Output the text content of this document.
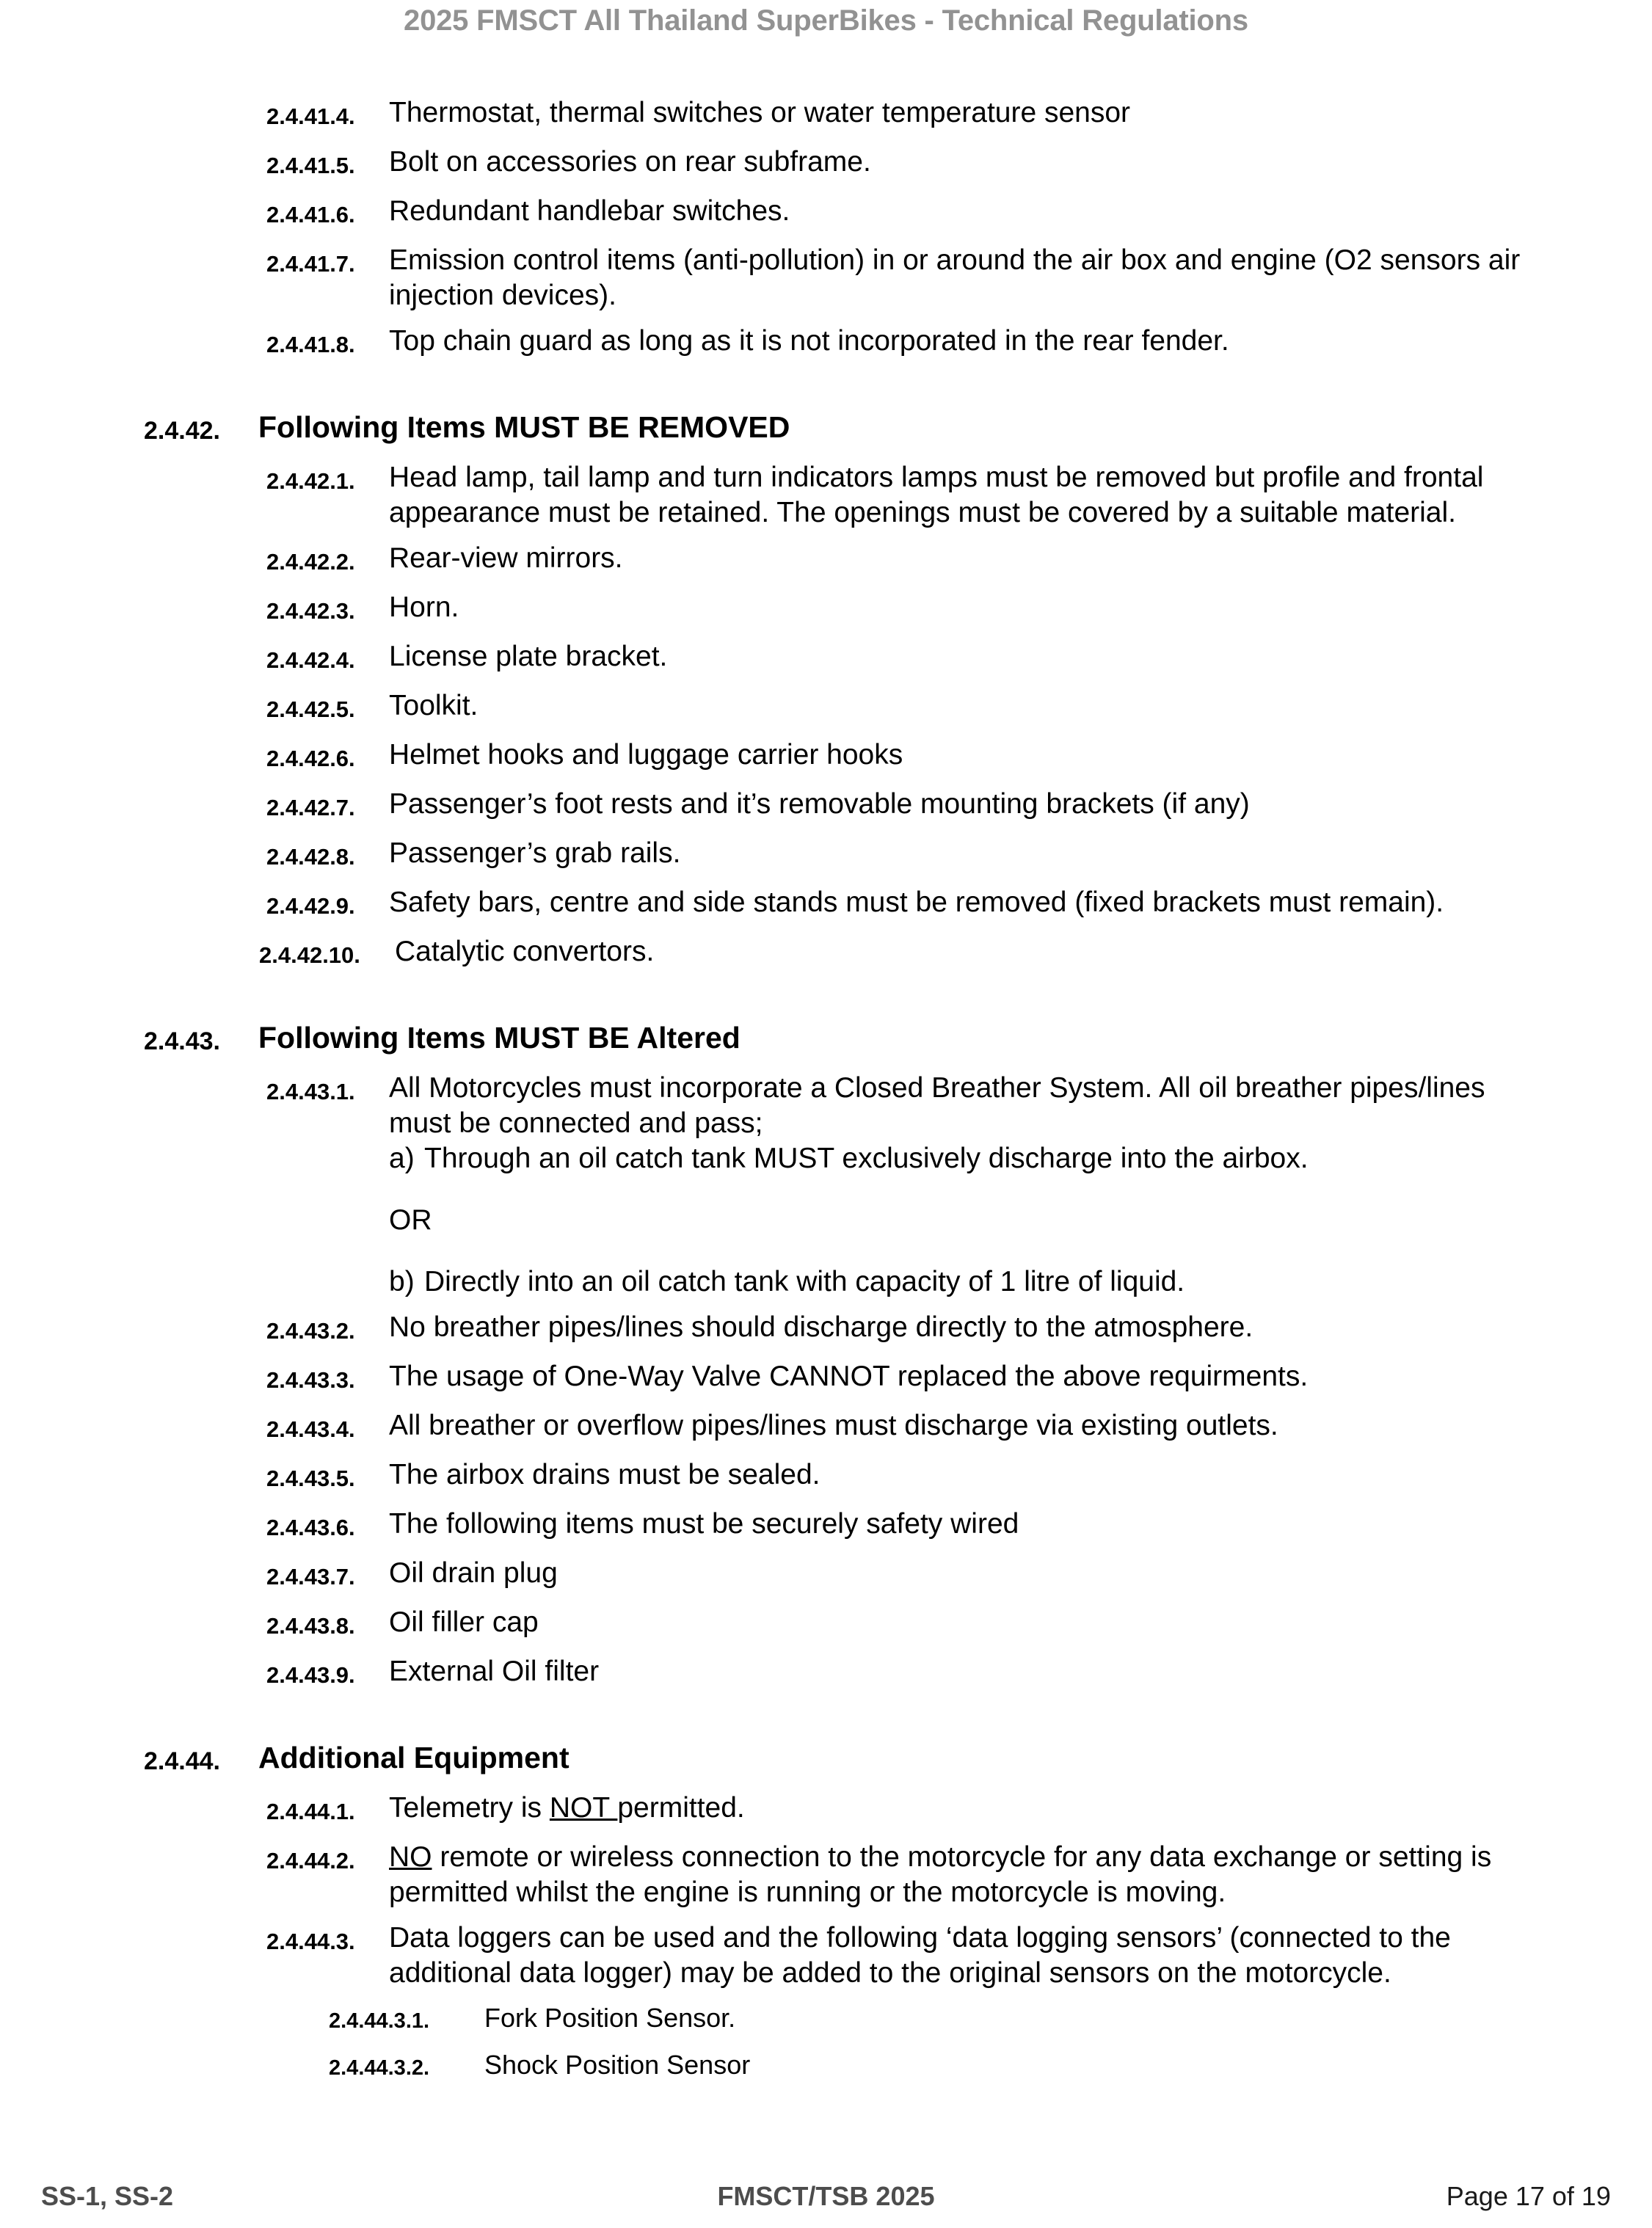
2025 FMSCT All Thailand SuperBikes - Technical Regulations
2.4.41.4.	Thermostat, thermal switches or water temperature sensor
2.4.41.5.	Bolt on accessories on rear subframe.
2.4.41.6.	Redundant handlebar switches.
2.4.41.7.	Emission control items (anti-pollution) in or around the air box and engine (O2 sensors air injection devices).
2.4.41.8.	Top chain guard as long as it is not incorporated in the rear fender.
2.4.42.	Following Items MUST BE REMOVED
2.4.42.1.	Head lamp, tail lamp and turn indicators lamps must be removed but profile and frontal appearance must be retained. The openings must be covered by a suitable material.
2.4.42.2.	Rear-view mirrors.
2.4.42.3.	Horn.
2.4.42.4.	License plate bracket.
2.4.42.5.	Toolkit.
2.4.42.6.	Helmet hooks and luggage carrier hooks
2.4.42.7.	Passenger’s foot rests and it’s removable mounting brackets (if any)
2.4.42.8.	Passenger’s grab rails.
2.4.42.9.	Safety bars, centre and side stands must be removed (fixed brackets must remain).
2.4.42.10.	Catalytic convertors.
2.4.43.	Following Items MUST BE Altered
2.4.43.1.	All Motorcycles must incorporate a Closed Breather System. All oil breather pipes/lines must be connected and pass;
a) Through an oil catch tank MUST exclusively discharge into the airbox.
OR
b) Directly into an oil catch tank with capacity of 1 litre of liquid.
2.4.43.2.	No breather pipes/lines should discharge directly to the atmosphere.
2.4.43.3.	The usage of One-Way Valve CANNOT replaced the above requirments.
2.4.43.4.	All breather or overflow pipes/lines must discharge via existing outlets.
2.4.43.5.	The airbox drains must be sealed.
2.4.43.6.	The following items must be securely safety wired
2.4.43.7.	Oil drain plug
2.4.43.8.	Oil filler cap
2.4.43.9.	External Oil filter
2.4.44.	Additional Equipment
2.4.44.1.	Telemetry is NOT permitted.
2.4.44.2.	NO remote or wireless connection to the motorcycle for any data exchange or setting is permitted whilst the engine is running or the motorcycle is moving.
2.4.44.3.	Data loggers can be used and the following ‘data logging sensors’ (connected to the additional data logger) may be added to the original sensors on the motorcycle.
2.4.44.3.1.	Fork Position Sensor.
2.4.44.3.2.	Shock Position Sensor
SS-1, SS-2	FMSCT/TSB 2025	Page 17 of 19
